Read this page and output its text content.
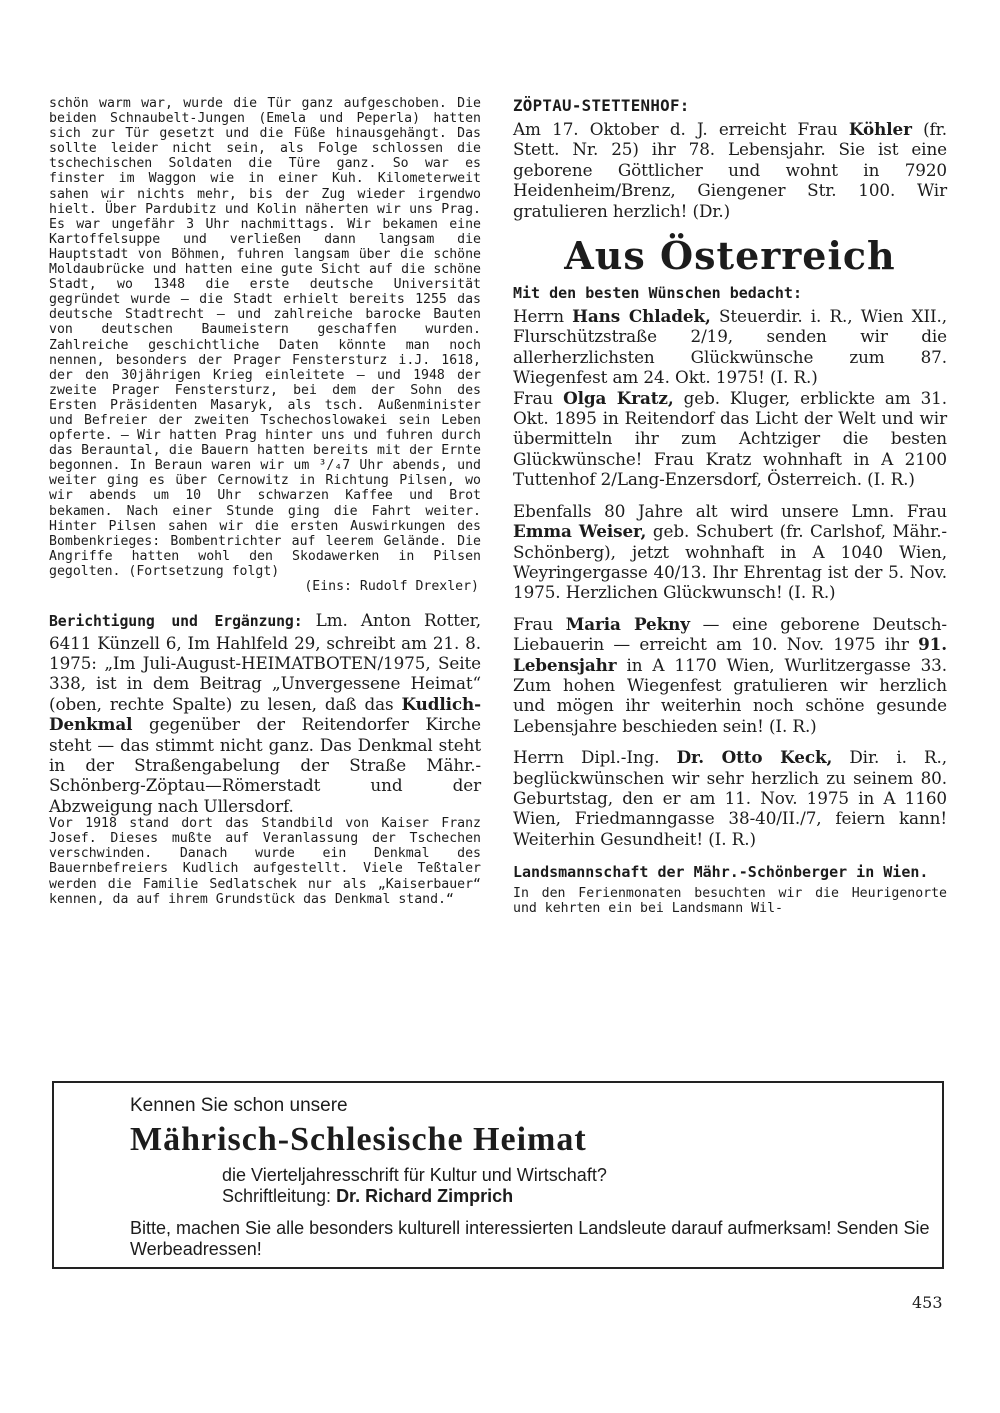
schön warm war, wurde die Tür ganz aufgeschoben. Die beiden Schnaubelt-Jungen (Emela und Peperla) hatten sich zur Tür gesetzt und die Füße hinausgehängt. Das sollte leider nicht sein, als Folge schlossen die tschechischen Soldaten die Türe ganz. So war es finster im Waggon wie in einer Kuh. Kilometerweit sahen wir nichts mehr, bis der Zug wieder irgendwo hielt. Über Pardubitz und Kolin näherten wir uns Prag. Es war ungefähr 3 Uhr nachmittags. Wir bekamen eine Kartoffelsuppe und verließen dann langsam die Hauptstadt von Böhmen, fuhren langsam über die schöne Moldaubrücke und hatten eine gute Sicht auf die schöne Stadt, wo 1348 die erste deutsche Universität gegründet wurde — die Stadt erhielt bereits 1255 das deutsche Stadtrecht — und zahlreiche barocke Bauten von deutschen Baumeistern geschaffen wurden. Zahlreiche geschichtliche Daten könnte man noch nennen, besonders der Prager Fenstersturz i.J. 1618, der den 30jährigen Krieg einleitete — und 1948 der zweite Prager Fenstersturz, bei dem der Sohn des Ersten Präsidenten Masaryk, als tsch. Außenminister und Befreier der zweiten Tschechoslowakei sein Leben opferte. — Wir hatten Prag hinter uns und fuhren durch das Berauntal, die Bauern hatten bereits mit der Ernte begonnen. In Beraun waren wir um ³/₄7 Uhr abends, und weiter ging es über Cernowitz in Richtung Pilsen, wo wir abends um 10 Uhr schwarzen Kaffee und Brot bekamen. Nach einer Stunde ging die Fahrt weiter. Hinter Pilsen sahen wir die ersten Auswirkungen des Bombenkrieges: Bombentrichter auf leerem Gelände. Die Angriffe hatten wohl den Skodawerken in Pilsen gegolten. (Fortsetzung folgt)

(Eins: Rudolf Drexler)

Berichtigung und Ergänzung: Lm. Anton Rotter, 6411 Künzell 6, Im Hahlfeld 29, schreibt am 21. 8. 1975: „Im Juli-August-HEIMATBOTEN/1975, Seite 338, ist in dem Beitrag „Unvergessene Heimat“ (oben, rechte Spalte) zu lesen, daß das Kudlich-Denkmal gegenüber der Reitendorfer Kirche steht — das stimmt nicht ganz. Das Denkmal steht in der Straßengabelung der Straße Mähr.-Schönberg-Zöptau—Römerstadt und der Abzweigung nach Ullersdorf.

Vor 1918 stand dort das Standbild von Kaiser Franz Josef. Dieses mußte auf Veranlassung der Tschechen verschwinden. Danach wurde ein Denkmal des Bauernbefreiers Kudlich aufgestellt. Viele Teßtaler werden die Familie Sedlatschek nur als „Kaiserbauer“ kennen, da auf ihrem Grundstück das Denkmal stand.“

ZÖPTAU-STETTENHOF:

Am 17. Oktober d. J. erreicht Frau Köhler (fr. Stett. Nr. 25) ihr 78. Lebensjahr. Sie ist eine geborene Göttlicher und wohnt in 7920 Heidenheim/Brenz, Giengener Str. 100. Wir gratulieren herzlich! (Dr.)

Aus Österreich
Mit den besten Wünschen bedacht:

Herrn Hans Chladek, Steuerdir. i. R., Wien XII., Flurschützstraße 2/19, senden wir die allerherzlichsten Glückwünsche zum 87. Wiegenfest am 24. Okt. 1975! (I. R.)

Frau Olga Kratz, geb. Kluger, erblickte am 31. Okt. 1895 in Reitendorf das Licht der Welt und wir übermitteln ihr zum Achtziger die besten Glückwünsche! Frau Kratz wohnhaft in A 2100 Tuttenhof 2/Lang-Enzersdorf, Österreich. (I. R.)

Ebenfalls 80 Jahre alt wird unsere Lmn. Frau Emma Weiser, geb. Schubert (fr. Carlshof, Mähr.-Schönberg), jetzt wohnhaft in A 1040 Wien, Weyringergasse 40/13. Ihr Ehrentag ist der 5. Nov. 1975. Herzlichen Glückwunsch! (I. R.)

Frau Maria Pekny — eine geborene Deutsch-Liebauerin — erreicht am 10. Nov. 1975 ihr 91. Lebensjahr in A 1170 Wien, Wurlitzergasse 33. Zum hohen Wiegenfest gratulieren wir herzlich und mögen ihr weiterhin noch schöne gesunde Lebensjahre beschieden sein! (I. R.)

Herrn Dipl.-Ing. Dr. Otto Keck, Dir. i. R., beglückwünschen wir sehr herzlich zu seinem 80. Geburtstag, den er am 11. Nov. 1975 in A 1160 Wien, Friedmanngasse 38-40/II./7, feiern kann! Weiterhin Gesundheit! (I. R.)

Landsmannschaft der Mähr.-Schönberger in Wien.

In den Ferienmonaten besuchten wir die Heurigenorte und kehrten ein bei Landsmann Wil-

Kennen Sie schon unsere
Mährisch-Schlesische Heimat
die Vierteljahresschrift für Kultur und Wirtschaft?
Schriftleitung: Dr. Richard Zimprich
Bitte, machen Sie alle besonders kulturell interessierten Landsleute darauf aufmerksam! Senden Sie Werbeadressen!
453
